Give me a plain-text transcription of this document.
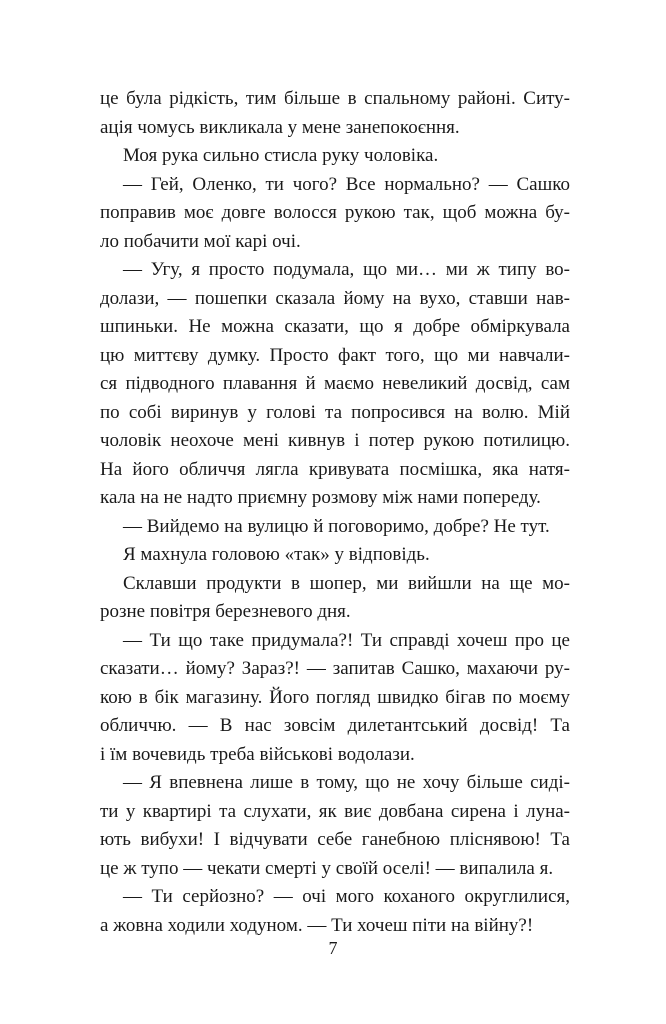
це була рідкість, тим більше в спальному районі. Ситу-
ація чомусь викликала у мене занепокоєння.
Моя рука сильно стисла руку чоловіка.
— Гей, Оленко, ти чого? Все нормально? — Сашко
поправив моє довге волосся рукою так, щоб можна бу-
ло побачити мої карі очі.
— Угу, я просто подумала, що ми… ми ж типу во-
долази, — пошепки сказала йому на вухо, ставши нав-
шпиньки. Не можна сказати, що я добре обміркувала
цю миттєву думку. Просто факт того, що ми навчали-
ся підводного плавання й маємо невеликий досвід, сам
по собі виринув у голові та попросився на волю. Мій
чоловік неохоче мені кивнув і потер рукою потилицю.
На його обличчя лягла кривувата посмішка, яка натя-
кала на не надто приємну розмову між нами попереду.
— Вийдемо на вулицю й поговоримо, добре? Не тут.
Я махнула головою «так» у відповідь.
Склавши продукти в шопер, ми вийшли на ще мо-
розне повітря березневого дня.
— Ти що таке придумала?! Ти справді хочеш про це
сказати… йому? Зараз?! — запитав Сашко, махаючи ру-
кою в бік магазину. Його погляд швидко бігав по моєму
обличчю. — В нас зовсім дилетантський досвід! Та
і їм вочевидь треба військові водолази.
— Я впевнена лише в тому, що не хочу більше сиді-
ти у квартирі та слухати, як виє довбана сирена і луна-
ють вибухи! І відчувати себе ганебною пліснявою! Та
це ж тупо — чекати смерті у своїй оселі! — випалила я.
— Ти серйозно? — очі мого коханого округлилися,
а жовна ходили ходуном. — Ти хочеш піти на війну?!
7
